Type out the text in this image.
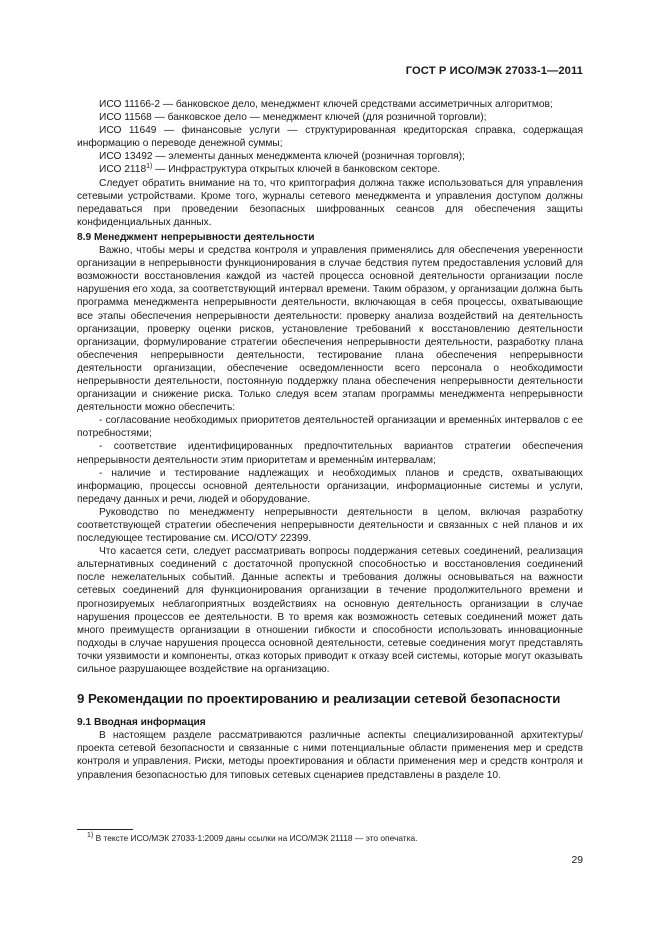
ГОСТ Р ИСО/МЭК 27033-1—2011

ИСО 11166-2 — банковское дело, менеджмент ключей средствами ассиметричных алгоритмов;

ИСО 11568 — банковское дело — менеджмент ключей (для розничной торговли);

ИСО 11649 — финансовые услуги — структурированная кредиторская справка, содержащая информацию о переводе денежной суммы;

ИСО 13492 — элементы данных менеджмента ключей (розничная торговля);

ИСО 2118$^{1)}$ — Инфраструктура открытых ключей в банковском секторе.

Следует обратить внимание на то, что криптография должна также использоваться для управления сетевыми устройствами. Кроме того, журналы сетевого менеджмента и управления доступом должны передаваться при проведении безопасных шифрованных сеансов для обеспечения защиты конфиденциальных данных.

8.9 Менеджмент непрерывности деятельности

Важно, чтобы меры и средства контроля и управления применялись для обеспечения уверенности организации в непрерывности функционирования в случае бедствия путем предоставления условий для возможности восстановления каждой из частей процесса основной деятельности организации после нарушения его хода, за соответствующий интервал времени. Таким образом, у организации должна быть программа менеджмента непрерывности деятельности, включающая в себя процессы, охватывающие все этапы обеспечения непрерывности деятельности: проверку анализа воздействий на деятельность организации, проверку оценки рисков, установление требований к восстановлению деятельности организации, формулирование стратегии обеспечения непрерывности деятельности, разработку плана обеспечения непрерывности деятельности, тестирование плана обеспечения непрерывности деятельности организации, обеспечение осведомленности всего персонала о необходимости непрерывности деятельности, постоянную поддержку плана обеспечения непрерывности деятельности организации и снижение риска. Только следуя всем этапам программы менеджмента непрерывности деятельности можно обеспечить:

- согласование необходимых приоритетов деятельностей организации и временны́х интервалов с ее потребностями;

- соответствие идентифицированных предпочтительных вариантов стратегии обеспечения непрерывности деятельности этим приоритетам и временны́м интервалам;

- наличие и тестирование надлежащих и необходимых планов и средств, охватывающих информацию, процессы основной деятельности организации, информационные системы и услуги, передачу данных и речи, людей и оборудование.

Руководство по менеджменту непрерывности деятельности в целом, включая разработку соответствующей стратегии обеспечения непрерывности деятельности и связанных с ней планов и их последующее тестирование см. ИСО/ОТУ 22399.

Что касается сети, следует рассматривать вопросы поддержания сетевых соединений, реализация альтернативных соединений с достаточной пропускной способностью и восстановления соединений после нежелательных событий. Данные аспекты и требования должны основываться на важности сетевых соединений для функционирования организации в течение продолжительного времени и прогнозируемых неблагоприятных воздействиях на основную деятельность организации в случае нарушения процессов ее деятельности. В то время как возможность сетевых соединений может дать много преимуществ организации в отношении гибкости и способности использовать инновационные подходы в случае нарушения процесса основной деятельности, сетевые соединения могут представлять точки уязвимости и компоненты, отказ которых приводит к отказу всей системы, которые могут оказывать сильное разрушающее воздействие на организацию.

9 Рекомендации по проектированию и реализации сетевой безопасности

9.1 Вводная информация

В настоящем разделе рассматриваются различные аспекты специализированной архитектуры/проекта сетевой безопасности и связанные с ними потенциальные области применения мер и средств контроля и управления. Риски, методы проектирования и области применения мер и средств контроля и управления безопасностью для типовых сетевых сценариев представлены в разделе 10.

$^{1)}$ В тексте ИСО/МЭК 27033-1:2009 даны ссылки на ИСО/МЭК 21118 — это опечатка.
29
